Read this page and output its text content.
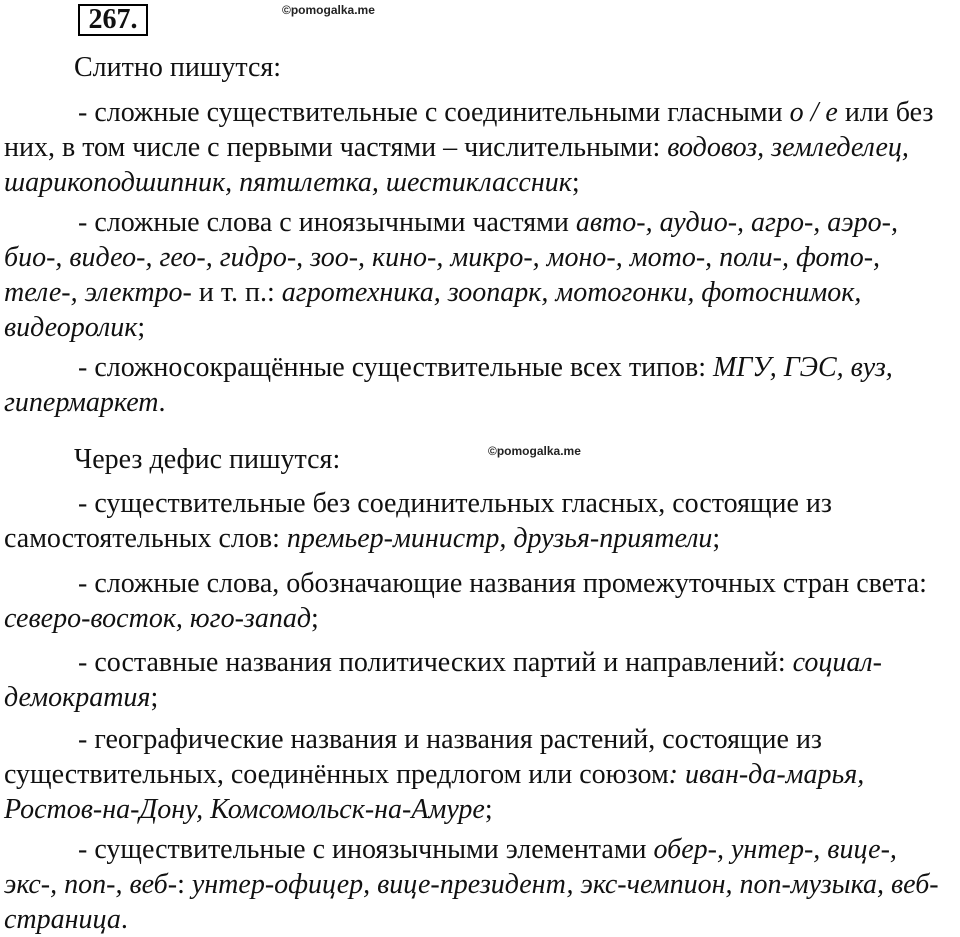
267.	©pomogalka.me
©pomogalka.me
Слитно пишутся:
- сложные существительные с соединительными гласными о / е или без них, в том числе с первыми частями – числительными: водовоз, земледелец, шарикоподшипник, пятилетка, шестиклассник;
- сложные слова с иноязычными частями авто-, аудио-, агро-, аэро-, био-, видео-, гео-, гидро-, зоо-, кино-, микро-, моно-, мото-, поли-, фото-, теле-, электро- и т. п.: агротехника, зоопарк, мотогонки, фотоснимок, видеоролик;
- сложносокращённые существительные всех типов: МГУ, ГЭС, вуз, гипермаркет.
Через дефис пишутся:
- существительные без соединительных гласных, состоящие из самостоятельных слов: премьер-министр, друзья-приятели;
- сложные слова, обозначающие названия промежуточных стран света: северо-восток, юго-запад;
- составные названия политических партий и направлений: социал-демократия;
- географические названия и названия растений, состоящие из существительных, соединённых предлогом или союзом: иван-да-марья, Ростов-на-Дону, Комсомольск-на-Амуре;
- существительные с иноязычными элементами обер-, унтер-, вице-, экс-, поп-, веб-: унтер-офицер, вице-президент, экс-чемпион, поп-музыка, веб-страница.
